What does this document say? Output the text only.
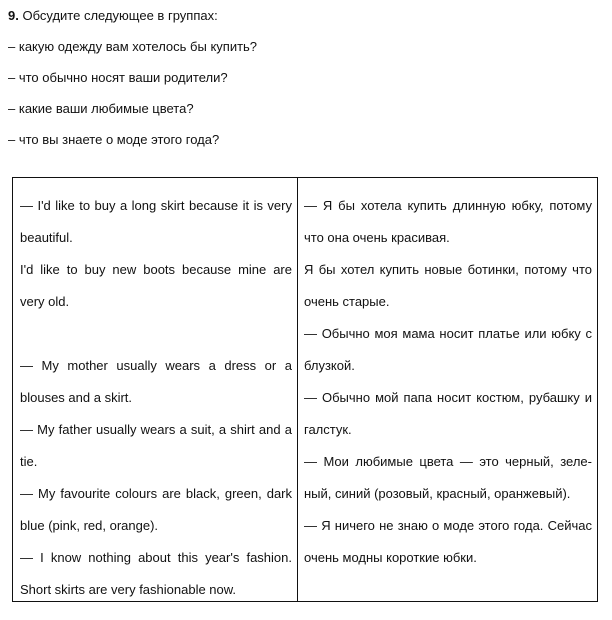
9. Обсудите следующее в группах:
– какую одежду вам хотелось бы купить?
– что обычно носят ваши родители?
– какие ваши любимые цвета?
– что вы знаете о моде этого года?

— I'd like to buy a long skirt because it is very beautiful.

I'd like to buy new boots because mine are very old.

— My mother usually wears a dress or a blouses and a skirt.

— My father usually wears a suit, a shirt and a tie.

— My favourite colours are black, green, dark blue (pink, red, orange).

— I know nothing about this year's fashion. Short skirts are very fashionable now.

— Я бы хотела купить длинную юбку, потому что она очень красивая.

Я бы хотел купить новые ботинки, потому что очень старые.

— Обычно моя мама носит платье или юбку с блузкой.

— Обычно мой папа носит костюм, рубашку и галстук.

— Мои любимые цвета — это черный, зеле-ный, синий (розовый, красный, оранжевый).

— Я ничего не знаю о моде этого года. Сейчас очень модны короткие юбки.
